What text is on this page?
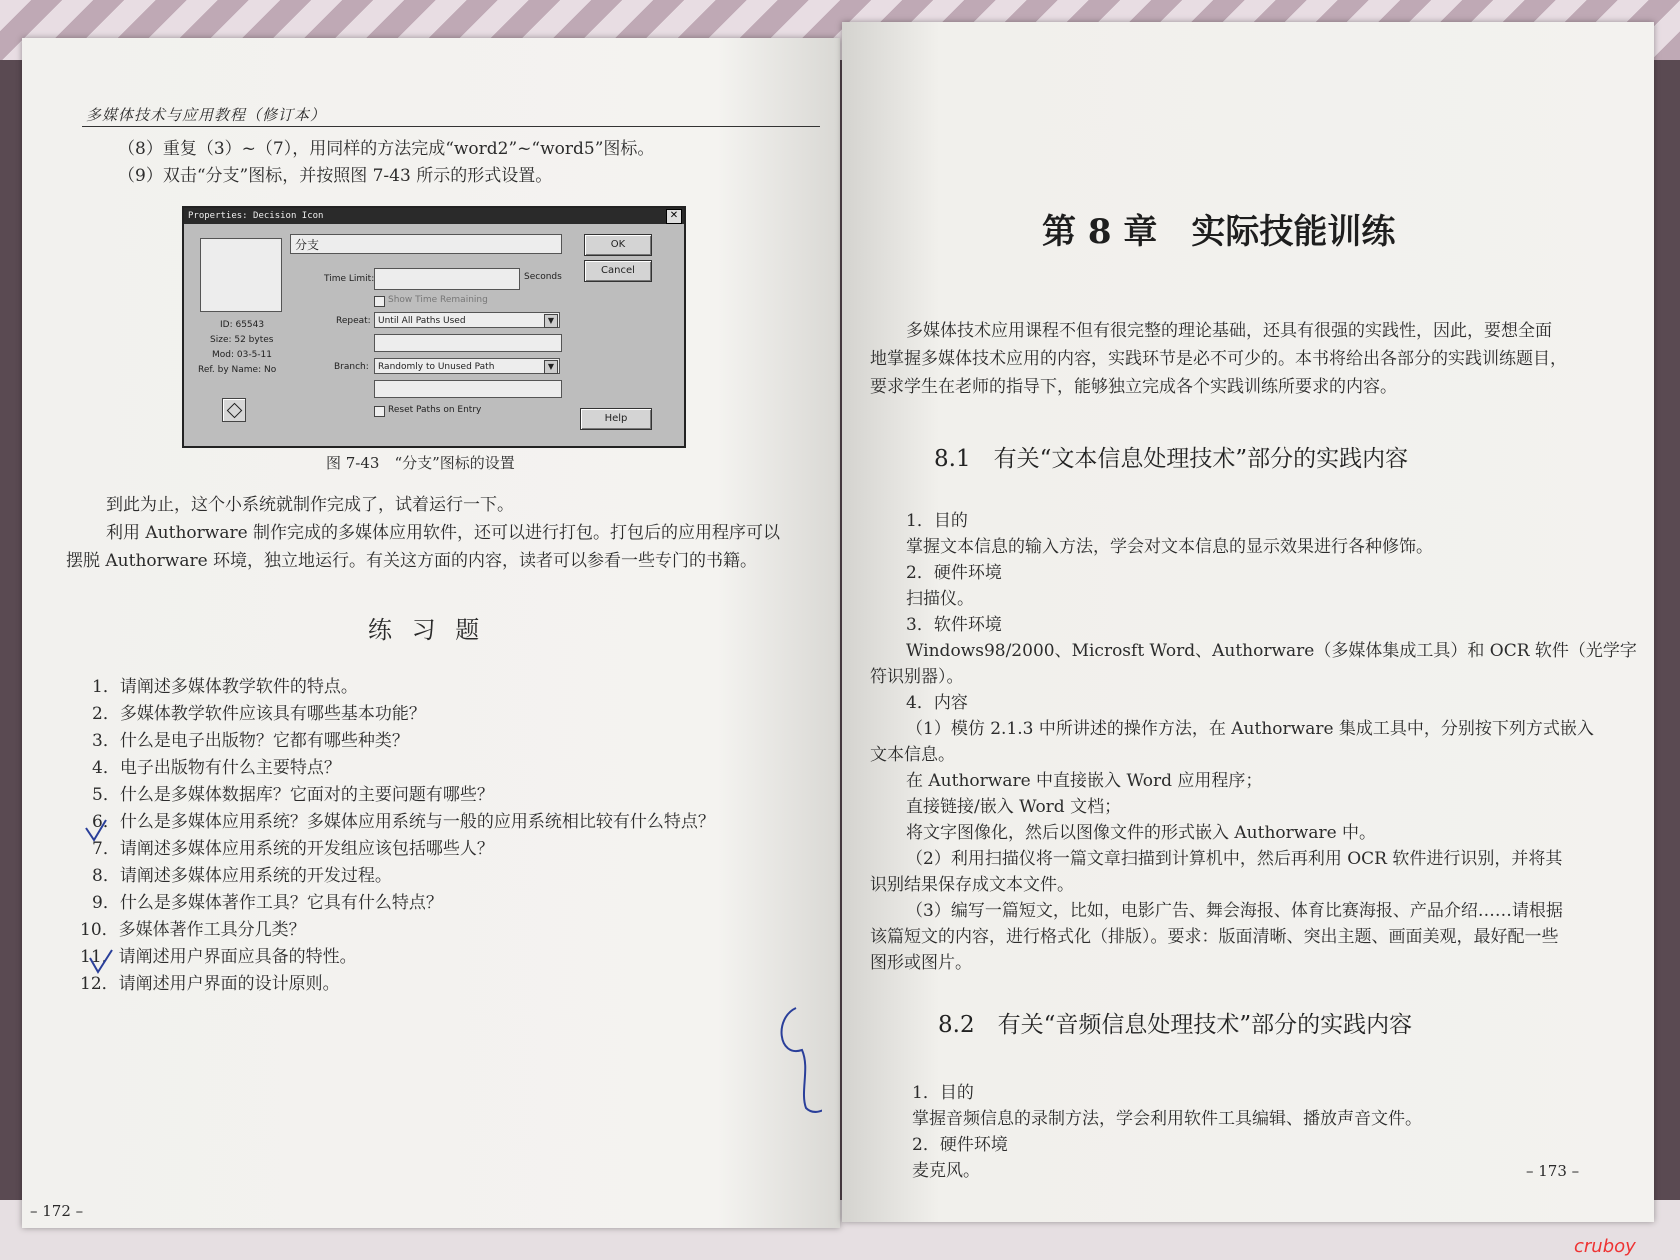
多媒体技术与应用教程（修订本）
（8）重复（3）~（7），用同样的方法完成“word2”~“word5”图标。
（9）双击“分支”图标，并按照图 7-43 所示的形式设置。
Properties: Decision Icon	✕
ID: 65543
Size: 52 bytes
Mod: 03-5-11
Ref. by Name: No
分支
Time Limit:	Seconds
Show Time Remaining
Repeat: Until All Paths Used	▼
Branch:	Randomly to Unused Path	▼
Reset Paths on Entry
OK
Cancel
Help
图 7-43　“分支”图标的设置
到此为止，这个小系统就制作完成了，试着运行一下。
利用 Authorware 制作完成的多媒体应用软件，还可以进行打包。打包后的应用程序可以
摆脱 Authorware 环境，独立地运行。有关这方面的内容，读者可以参看一些专门的书籍。
练 习 题
1．请阐述多媒体教学软件的特点。
2．多媒体教学软件应该具有哪些基本功能？
3．什么是电子出版物？它都有哪些种类？
4．电子出版物有什么主要特点？
5．什么是多媒体数据库？它面对的主要问题有哪些？
6．什么是多媒体应用系统？多媒体应用系统与一般的应用系统相比较有什么特点？
7．请阐述多媒体应用系统的开发组应该包括哪些人？
8．请阐述多媒体应用系统的开发过程。
9．什么是多媒体著作工具？它具有什么特点？
10．多媒体著作工具分几类？
11．请阐述用户界面应具备的特性。
12．请阐述用户界面的设计原则。
– 172 –
第 8 章　实际技能训练
多媒体技术应用课程不但有很完整的理论基础，还具有很强的实践性，因此，要想全面
地掌握多媒体技术应用的内容，实践环节是必不可少的。本书将给出各部分的实践训练题目，
要求学生在老师的指导下，能够独立完成各个实践训练所要求的内容。
8.1　有关“文本信息处理技术”部分的实践内容
1．目的
掌握文本信息的输入方法，学会对文本信息的显示效果进行各种修饰。
2．硬件环境
扫描仪。
3．软件环境
Windows98/2000、Microsft Word、Authorware（多媒体集成工具）和 OCR 软件（光学字
符识别器）。
4．内容
（1）模仿 2.1.3 中所讲述的操作方法，在 Authorware 集成工具中，分别按下列方式嵌入
文本信息。
在 Authorware 中直接嵌入 Word 应用程序；
直接链接/嵌入 Word 文档；
将文字图像化，然后以图像文件的形式嵌入 Authorware 中。
（2）利用扫描仪将一篇文章扫描到计算机中，然后再利用 OCR 软件进行识别，并将其
识别结果保存成文本文件。
（3）编写一篇短文，比如，电影广告、舞会海报、体育比赛海报、产品介绍……请根据
该篇短文的内容，进行格式化（排版）。要求：版面清晰、突出主题、画面美观，最好配一些
图形或图片。
8.2　有关“音频信息处理技术”部分的实践内容
1．目的
掌握音频信息的录制方法，学会利用软件工具编辑、播放声音文件。
2．硬件环境
麦克风。	– 173 –
cruboy
